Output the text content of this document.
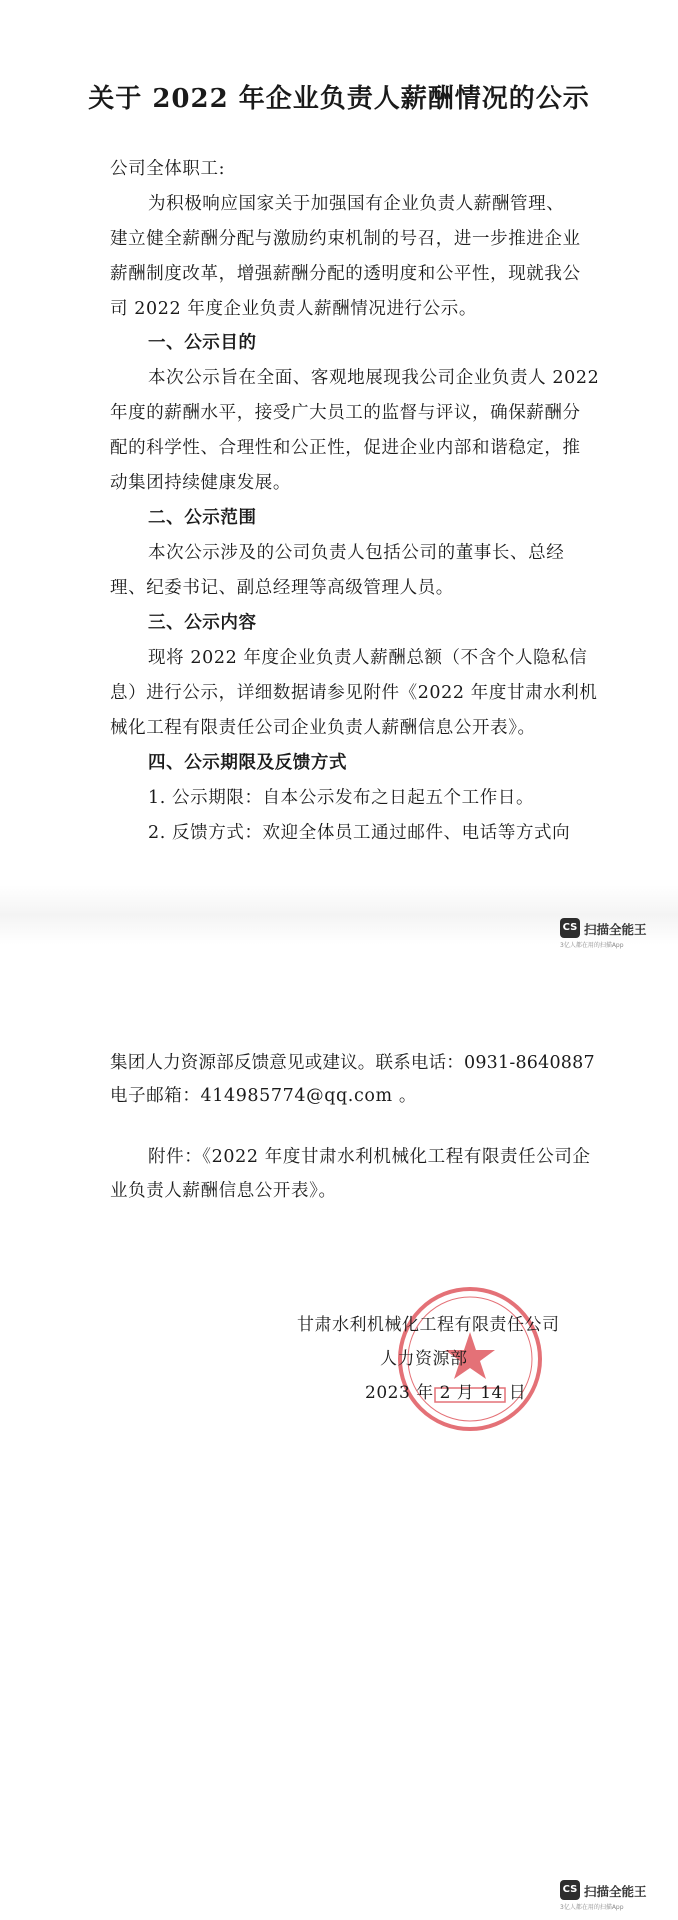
关于 2022 年企业负责人薪酬情况的公示

公司全体职工:

为积极响应国家关于加强国有企业负责人薪酬管理、

建立健全薪酬分配与激励约束机制的号召，进一步推进企业

薪酬制度改革，增强薪酬分配的透明度和公平性，现就我公

司 2022 年度企业负责人薪酬情况进行公示。

一、公示目的

本次公示旨在全面、客观地展现我公司企业负责人 2022

年度的薪酬水平，接受广大员工的监督与评议，确保薪酬分

配的科学性、合理性和公正性，促进企业内部和谐稳定，推

动集团持续健康发展。

二、公示范围

本次公示涉及的公司负责人包括公司的董事长、总经

理、纪委书记、副总经理等高级管理人员。

三、公示内容

现将 2022 年度企业负责人薪酬总额（不含个人隐私信

息）进行公示，详细数据请参见附件《2022 年度甘肃水利机

械化工程有限责任公司企业负责人薪酬信息公开表》。

四、公示期限及反馈方式

1. 公示期限：自本公示发布之日起五个工作日。

2. 反馈方式：欢迎全体员工通过邮件、电话等方式向

CS 扫描全能王
3亿人都在用的扫描App

集团人力资源部反馈意见或建议。联系电话：0931-8640887

电子邮箱：414985774@qq.com 。

附件：《2022 年度甘肃水利机械化工程有限责任公司企

业负责人薪酬信息公开表》。

甘肃水利机械化工程有限责任公司

人力资源部

2023 年 2 月 14 日

CS 扫描全能王
3亿人都在用的扫描App
